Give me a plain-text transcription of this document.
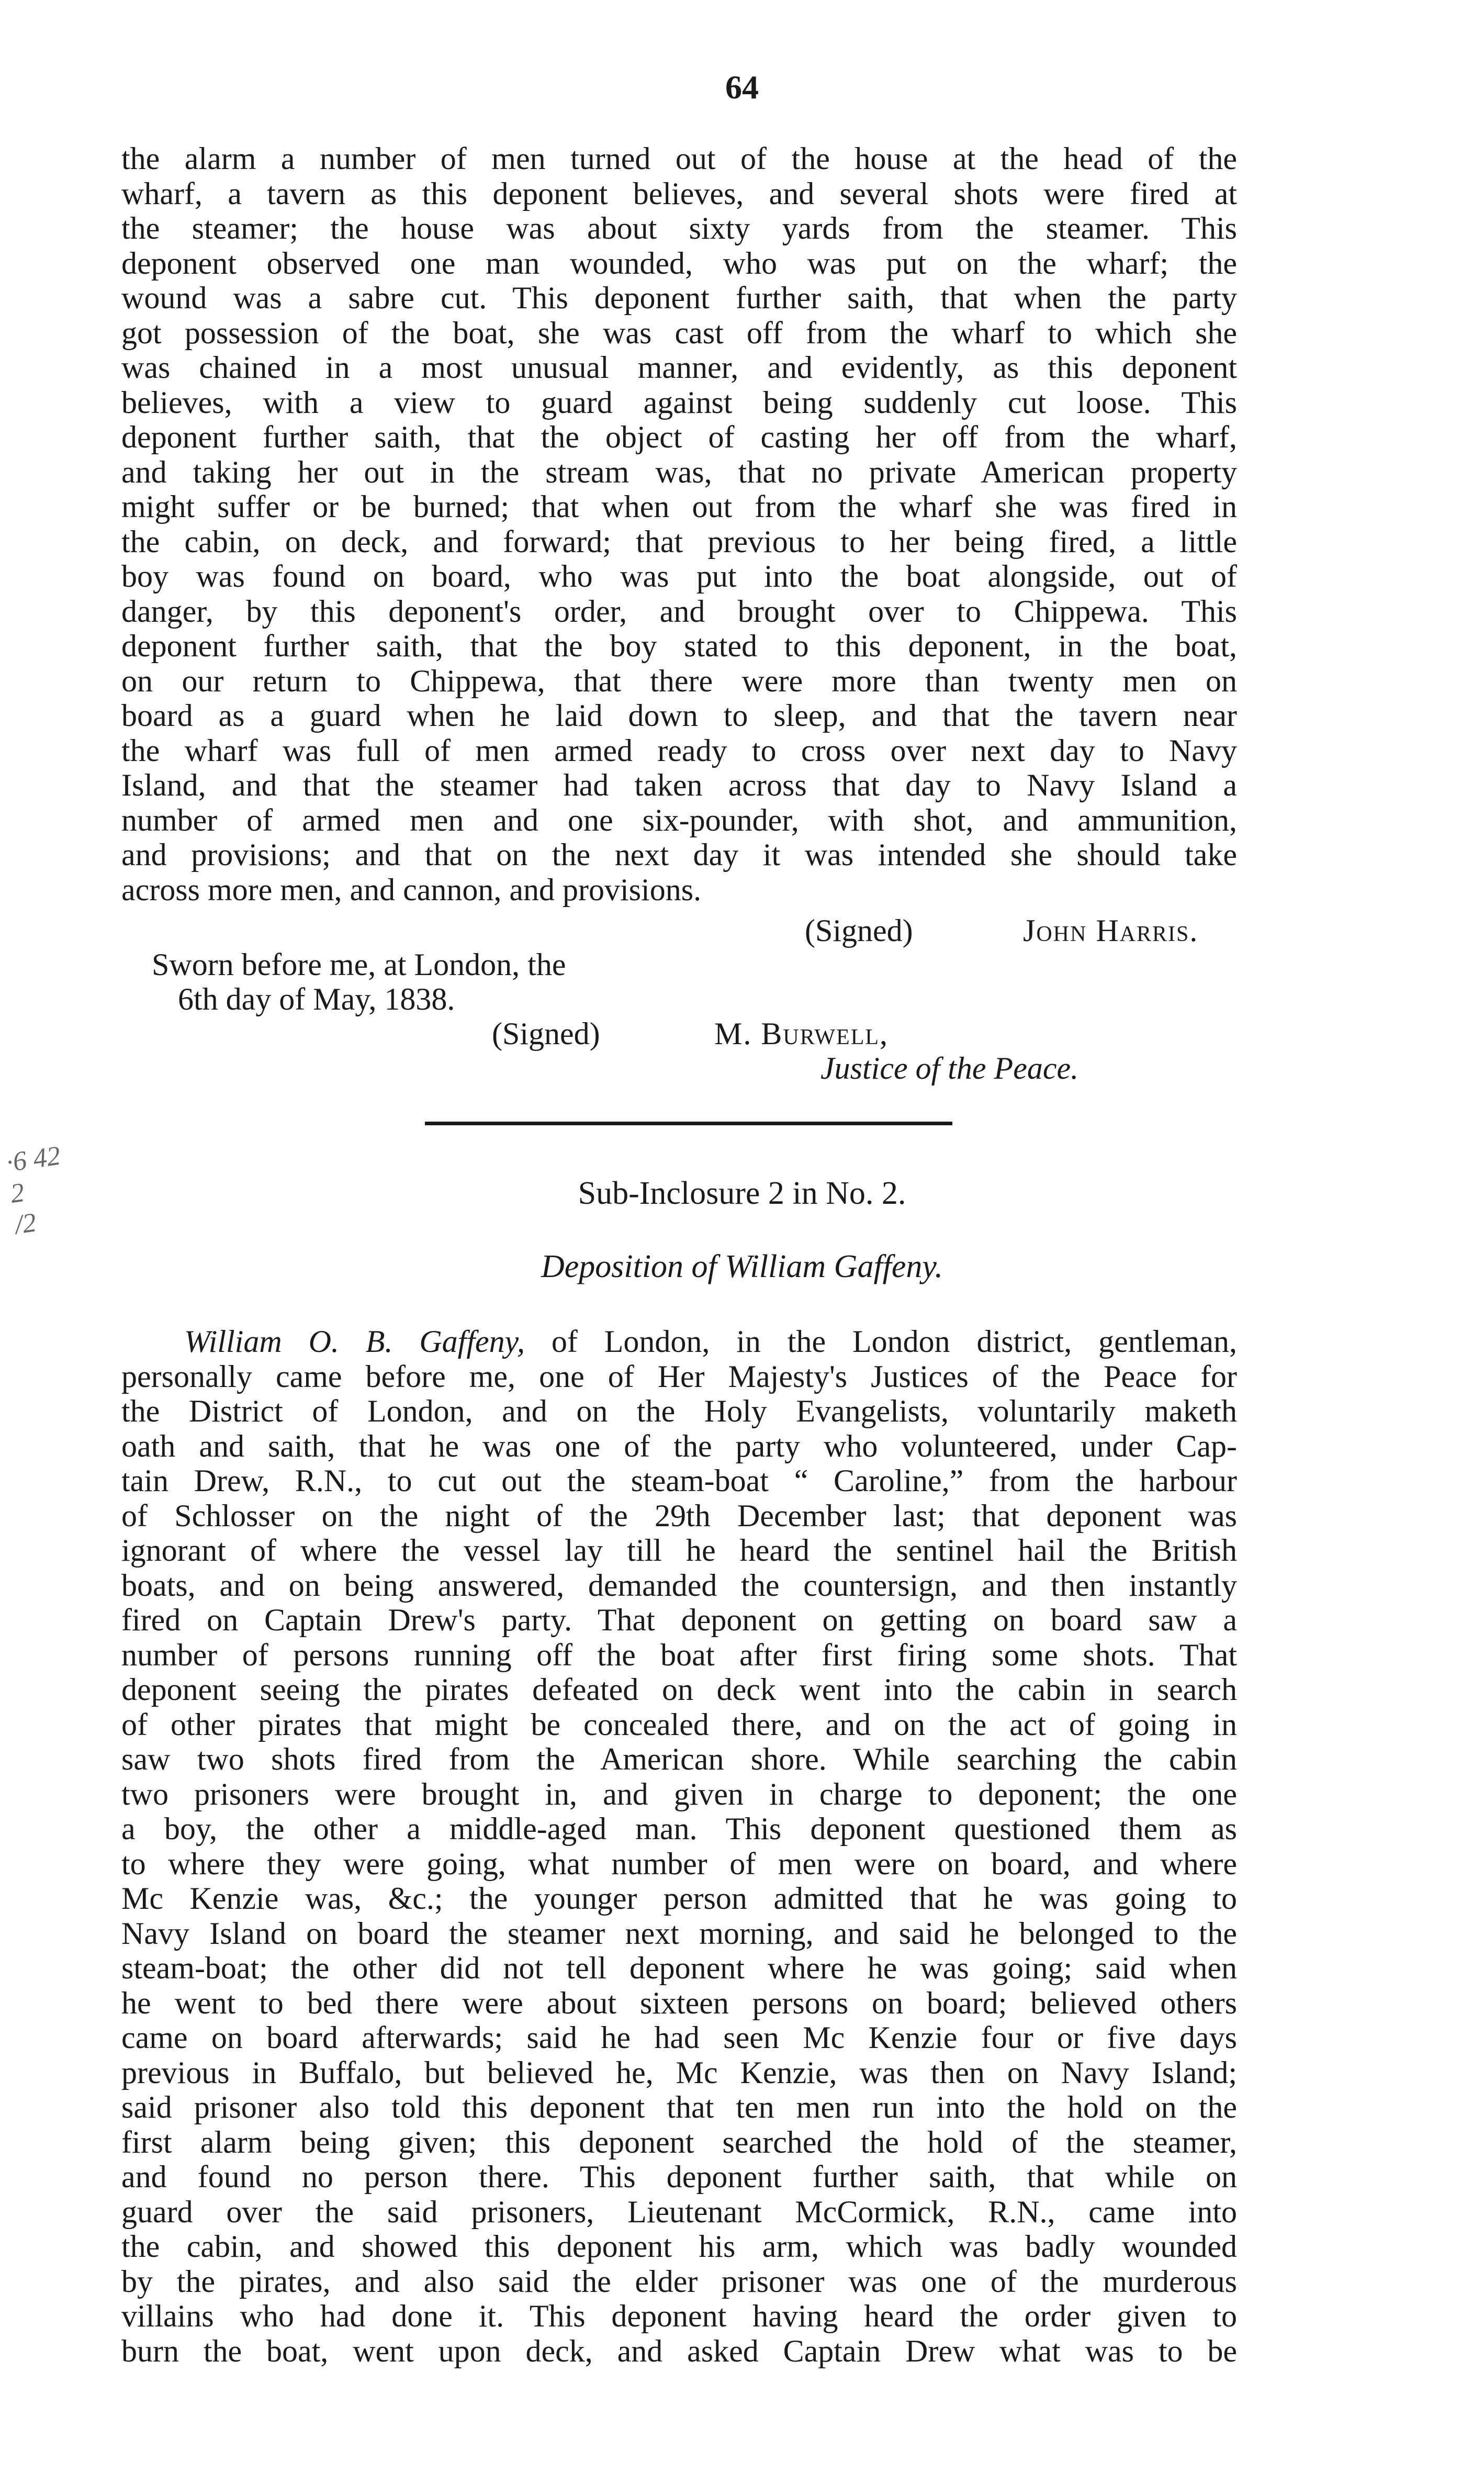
64
the alarm a number of men turned out of the house at the head of the
wharf, a tavern as this deponent believes, and several shots were fired at
the steamer; the house was about sixty yards from the steamer. This
deponent observed one man wounded, who was put on the wharf; the
wound was a sabre cut. This deponent further saith, that when the party
got possession of the boat, she was cast off from the wharf to which she
was chained in a most unusual manner, and evidently, as this deponent
believes, with a view to guard against being suddenly cut loose. This
deponent further saith, that the object of casting her off from the wharf,
and taking her out in the stream was, that no private American property
might suffer or be burned; that when out from the wharf she was fired in
the cabin, on deck, and forward; that previous to her being fired, a little
boy was found on board, who was put into the boat alongside, out of
danger, by this deponent's order, and brought over to Chippewa. This
deponent further saith, that the boy stated to this deponent, in the boat,
on our return to Chippewa, that there were more than twenty men on
board as a guard when he laid down to sleep, and that the tavern near
the wharf was full of men armed ready to cross over next day to Navy
Island, and that the steamer had taken across that day to Navy Island a
number of armed men and one six-pounder, with shot, and ammunition,
and provisions; and that on the next day it was intended she should take
across more men, and cannon, and provisions.
(Signed)	John Harris.
Sworn before me, at London, the
6th day of May, 1838.
(Signed)	M. Burwell,
Justice of the Peace.
·6 42
2
/2
Sub-Inclosure 2 in No. 2.
Deposition of William Gaffeny.
William O. B. Gaffeny, of London, in the London district, gentleman,
personally came before me, one of Her Majesty's Justices of the Peace for
the District of London, and on the Holy Evangelists, voluntarily maketh
oath and saith, that he was one of the party who volunteered, under Cap-
tain Drew, R.N., to cut out the steam-boat “ Caroline,” from the harbour
of Schlosser on the night of the 29th December last; that deponent was
ignorant of where the vessel lay till he heard the sentinel hail the British
boats, and on being answered, demanded the countersign, and then instantly
fired on Captain Drew's party. That deponent on getting on board saw a
number of persons running off the boat after first firing some shots. That
deponent seeing the pirates defeated on deck went into the cabin in search
of other pirates that might be concealed there, and on the act of going in
saw two shots fired from the American shore. While searching the cabin
two prisoners were brought in, and given in charge to deponent; the one
a boy, the other a middle-aged man. This deponent questioned them as
to where they were going, what number of men were on board, and where
Mc Kenzie was, &c.; the younger person admitted that he was going to
Navy Island on board the steamer next morning, and said he belonged to the
steam-boat; the other did not tell deponent where he was going; said when
he went to bed there were about sixteen persons on board; believed others
came on board afterwards; said he had seen Mc Kenzie four or five days
previous in Buffalo, but believed he, Mc Kenzie, was then on Navy Island;
said prisoner also told this deponent that ten men run into the hold on the
first alarm being given; this deponent searched the hold of the steamer,
and found no person there. This deponent further saith, that while on
guard over the said prisoners, Lieutenant McCormick, R.N., came into
the cabin, and showed this deponent his arm, which was badly wounded
by the pirates, and also said the elder prisoner was one of the murderous
villains who had done it. This deponent having heard the order given to
burn the boat, went upon deck, and asked Captain Drew what was to be
